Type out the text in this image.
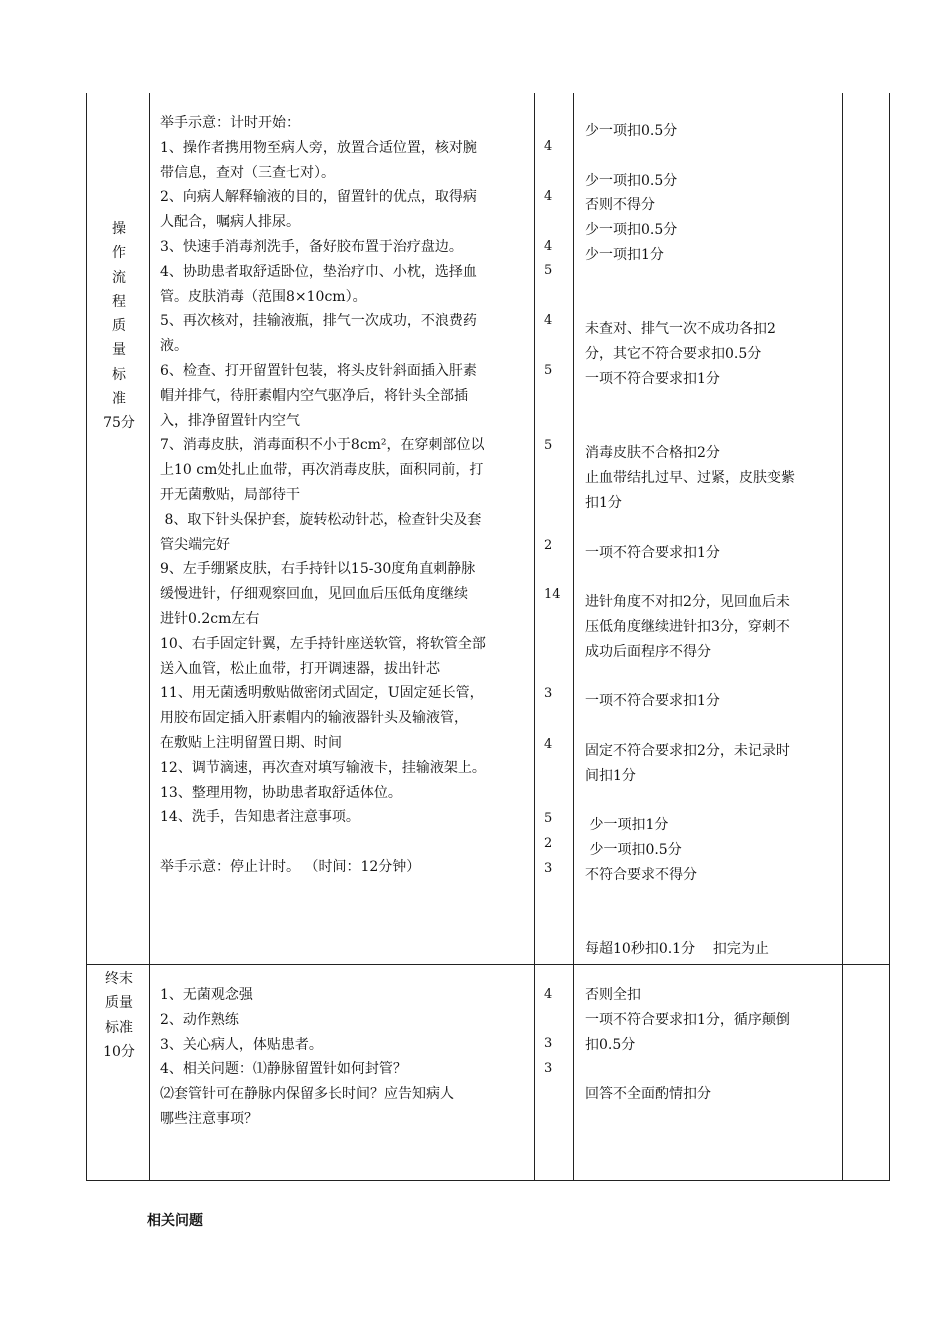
操
作
流
程
质
量
标
准
75分
举手示意：计时开始：
1、操作者携用物至病人旁，放置合适位置，核对腕
带信息，查对（三查七对）。
2、向病人解释输液的目的，留置针的优点，取得病
人配合，嘱病人排尿。
3、快速手消毒剂洗手，备好胶布置于治疗盘边。
4、协助患者取舒适卧位，垫治疗巾、小枕，选择血
管。皮肤消毒（范围8×10cm）。
5、再次核对，挂输液瓶，排气一次成功，不浪费药
液。
6、检查、打开留置针包装，将头皮针斜面插入肝素
帽并排气，待肝素帽内空气驱净后，将针头全部插
入，排净留置针内空气
7、消毒皮肤，消毒面积不小于8cm²，在穿刺部位以
上10 cm处扎止血带，再次消毒皮肤，面积同前，打
开无菌敷贴，局部待干
8、取下针头保护套，旋转松动针芯，检查针尖及套
管尖端完好
9、左手绷紧皮肤，右手持针以15-30度角直刺静脉
缓慢进针，仔细观察回血，见回血后压低角度继续
进针0.2cm左右
10、右手固定针翼，左手持针座送软管，将软管全部
送入血管，松止血带，打开调速器，拔出针芯
11、用无菌透明敷贴做密闭式固定，U固定延长管，
用胶布固定插入肝素帽内的输液器针头及输液管，
在敷贴上注明留置日期、时间
12、调节滴速，再次查对填写输液卡，挂输液架上。
13、整理用物，协助患者取舒适体位。
14、洗手，告知患者注意事项。

举手示意：停止计时。 （时间：12分钟）
4
4
4
5
4
5
5
2
14
3
4
5
2
3
少一项扣0.5分

少一项扣0.5分
否则不得分
少一项扣0.5分
少一项扣1分

未查对、排气一次不成功各扣2
分，其它不符合要求扣0.5分
一项不符合要求扣1分

消毒皮肤不合格扣2分
止血带结扎过早、过紧，皮肤变紫
扣1分

一项不符合要求扣1分

进针角度不对扣2分，见回血后未
压低角度继续进针扣3分，穿刺不
成功后面程序不得分

一项不符合要求扣1分

固定不符合要求扣2分，未记录时
间扣1分

少一项扣1分
少一项扣0.5分
不符合要求不得分

每超10秒扣0.1分    扣完为止
终末
质量
标准
10分
1、无菌观念强
2、动作熟练
3、关心病人，体贴患者。
4、相关问题：⑴静脉留置针如何封管？
⑵套管针可在静脉内保留多长时间？应告知病人
哪些注意事项？
4
3
3
否则全扣
一项不符合要求扣1分，循序颠倒
扣0.5分

回答不全面酌情扣分
相关问题
